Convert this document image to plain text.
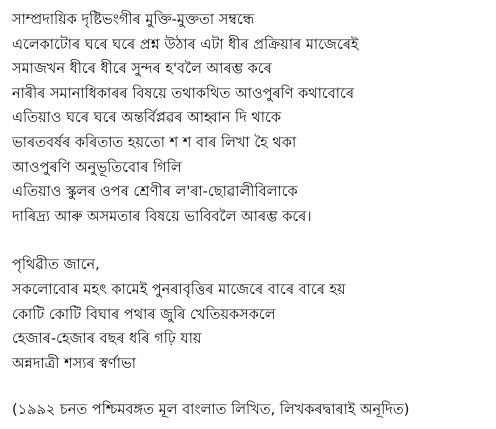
সাম্প্ৰদায়িক দৃষ্টিভংগীৰ মুক্তি-মুক্ততা সম্বন্ধে
এলেকাটোৰ ঘৰে ঘৰে প্ৰশ্ন উঠাৰ এটা ধীৰ প্ৰক্ৰিয়াৰ মাজেৰেই
সমাজখন ধীৰে ধীৰে সুন্দৰ হ'বলৈ আৰম্ভ কৰে
নাৰীৰ সমানাধিকাৰৰ বিষয়ে তথাকথিত আওপুৰণি কথাবোৰে
এতিয়াও ঘৰে ঘৰে অন্তৰ্বিপ্লৱৰ আহ্বান দি থাকে
ভাৰতবৰ্ষৰ কৰিতাত হয়তো শ শ বাৰ লিখা হৈ থকা
আওপুৰণি অনুভূতিবোৰ গিলি
এতিয়াও স্কুলৰ ওপৰ শ্ৰেণীৰ ল'ৰা-ছোৱালীবিলাকে
দাৰিদ্ৰ্য আৰু অসমতাৰ বিষয়ে ভাবিবলৈ আৰম্ভ কৰে।
পৃথিৱীত জানে,
সকলোবোৰ মহৎ কামেই পুনৰাবৃত্তিৰ মাজেৰে বাৰে বাৰে হয়
কোটি কোটি বিঘাৰ পথাৰ জুৰি খেতিয়কসকলে
হেজাৰ-হেজাৰ বছৰ ধৰি গঢ়ি যায়
অন্নদাত্ৰী শস্যৰ স্বৰ্ণাভা
(১৯৯২ চনত পশ্চিমবঙ্গত মূল বাংলাত লিখিত, লিখকৰদ্বাৰাই অনূদিত)
